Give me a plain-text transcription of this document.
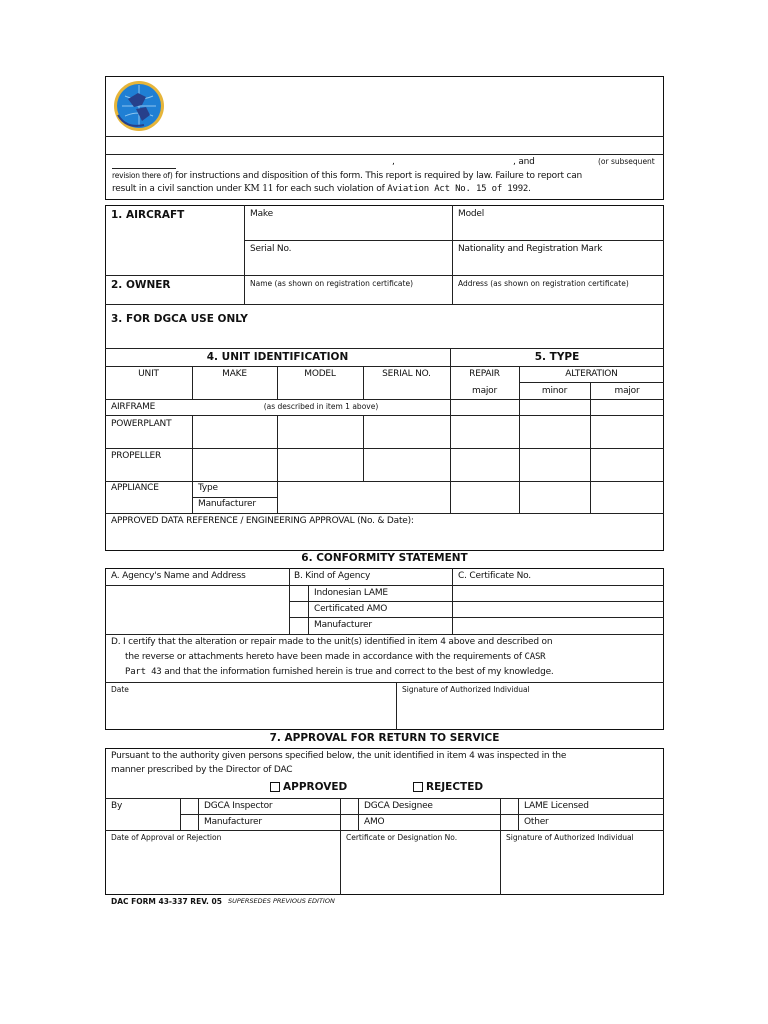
,	, and	(or subsequent
revision there of) for instructions and disposition of this form. This report is required by law. Failure to report can
result in a civil sanction under KM 11 for each such violation of Aviation Act No. 15 of 1992.
1. AIRCRAFT	Make	Model
Serial No.	Nationality and Registration Mark
2. OWNER	Name (as shown on registration certificate)	Address (as shown on registration certificate)
3. FOR DGCA USE ONLY
4. UNIT IDENTIFICATION	5. TYPE
UNIT	MAKE	MODEL	SERIAL NO.	REPAIR	ALTERATION
major	minor	major
AIRFRAME	(as described in item 1 above)
POWERPLANT
PROPELLER
APPLIANCE	Type
Manufacturer
APPROVED DATA REFERENCE / ENGINEERING APPROVAL (No. & Date):
6. CONFORMITY STATEMENT
A. Agency's Name and Address	B. Kind of Agency	C. Certificate No.
Indonesian LAME
Certificated AMO
Manufacturer
D. I certify that the alteration or repair made to the unit(s) identified in item 4 above and described on
the reverse or attachments hereto have been made in accordance with the requirements of CASR
Part 43 and that the information furnished herein is true and correct to the best of my knowledge.
Date	Signature of Authorized Individual
7. APPROVAL FOR RETURN TO SERVICE
Pursuant to the authority given persons specified below, the unit identified in item 4 was inspected in the
manner prescribed by the Director of DAC
APPROVED	REJECTED
By	DGCA Inspector	DGCA Designee	LAME Licensed
Manufacturer	AMO	Other
Date of Approval or Rejection	Certificate or Designation No.	Signature of Authorized Individual
DAC FORM 43-337 REV. 05 SUPERSEDES PREVIOUS EDITION
